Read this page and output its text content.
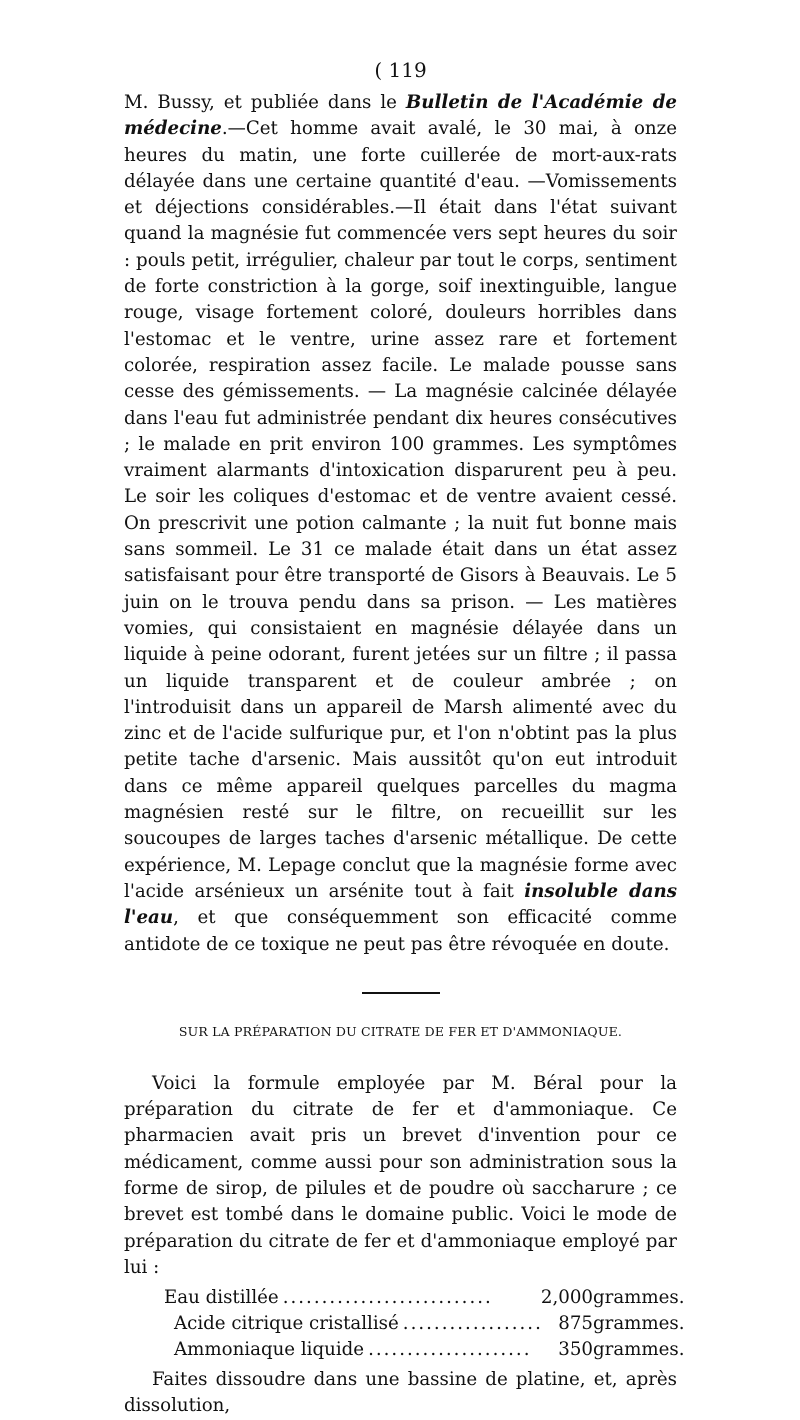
( 119

M. Bussy, et publiée dans le Bulletin de l'Académie de médecine.—Cet homme avait avalé, le 30 mai, à onze heures du matin, une forte cuillerée de mort-aux-rats délayée dans une certaine quantité d'eau. —Vomissements et déjections considérables.—Il était dans l'état suivant quand la magnésie fut commencée vers sept heures du soir : pouls petit, irrégulier, chaleur par tout le corps, sentiment de forte constriction à la gorge, soif inextinguible, langue rouge, visage fortement coloré, douleurs horribles dans l'estomac et le ventre, urine assez rare et fortement colorée, respiration assez facile. Le malade pousse sans cesse des gémissements. — La magnésie calcinée délayée dans l'eau fut administrée pendant dix heures consécutives ; le malade en prit environ 100 grammes. Les symptômes vraiment alarmants d'intoxication disparurent peu à peu. Le soir les coliques d'estomac et de ventre avaient cessé. On prescrivit une potion calmante ; la nuit fut bonne mais sans sommeil. Le 31 ce malade était dans un état assez satisfaisant pour être transporté de Gisors à Beauvais. Le 5 juin on le trouva pendu dans sa prison. — Les matières vomies, qui consistaient en magnésie délayée dans un liquide à peine odorant, furent jetées sur un filtre ; il passa un liquide transparent et de couleur ambrée ; on l'introduisit dans un appareil de Marsh alimenté avec du zinc et de l'acide sulfurique pur, et l'on n'obtint pas la plus petite tache d'arsenic. Mais aussitôt qu'on eut introduit dans ce même appareil quelques parcelles du magma magnésien resté sur le filtre, on recueillit sur les soucoupes de larges taches d'arsenic métallique. De cette expérience, M. Lepage conclut que la magnésie forme avec l'acide arsénieux un arsénite tout à fait insoluble dans l'eau, et que conséquemment son efficacité comme antidote de ce toxique ne peut pas être révoquée en doute.

SUR LA PRÉPARATION DU CITRATE DE FER ET D'AMMONIAQUE.

Voici la formule employée par M. Béral pour la préparation du citrate de fer et d'ammoniaque. Ce pharmacien avait pris un brevet d'invention pour ce médicament, comme aussi pour son administration sous la forme de sirop, de pilules et de poudre où saccharure ; ce brevet est tombé dans le domaine public. Voici le mode de préparation du citrate de fer et d'ammoniaque employé par lui :

Eau distillée ...........................	2,000 grammes.
Acide citrique cristallisé .................. 875 grammes.
Ammoniaque liquide .....................	350 grammes.

Faites dissoudre dans une bassine de platine, et, après dissolution,
